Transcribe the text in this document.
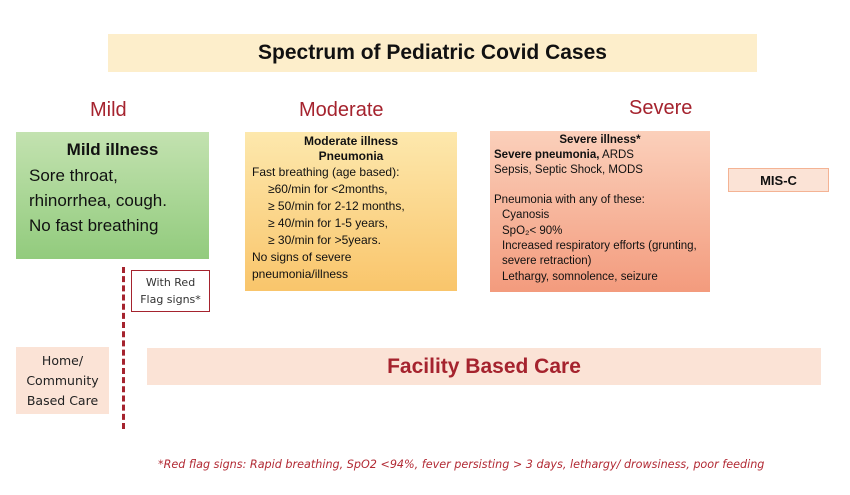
Spectrum of Pediatric Covid Cases
Mild	Moderate	Severe
Mild illness
Sore throat,
rhinorrhea, cough.
No fast breathing
Moderate illness
Pneumonia
Fast breathing (age based):
≥60/min for <2months,
≥ 50/min for 2-12 months,
≥ 40/min for 1-5 years,
≥ 30/min for >5years.
No signs of severe
pneumonia/illness
Severe illness*
Severe pneumonia, ARDS
Sepsis, Septic Shock, MODS
Pneumonia with any of these:
Cyanosis
SpO₂< 90%
Increased respiratory efforts (grunting,
severe retraction)
Lethargy, somnolence, seizure
MIS-C
With Red
Flag signs*
Home/
Community
Based Care
Facility Based Care
*Red flag signs: Rapid breathing, SpO2 <94%, fever persisting > 3 days, lethargy/ drowsiness, poor feeding
